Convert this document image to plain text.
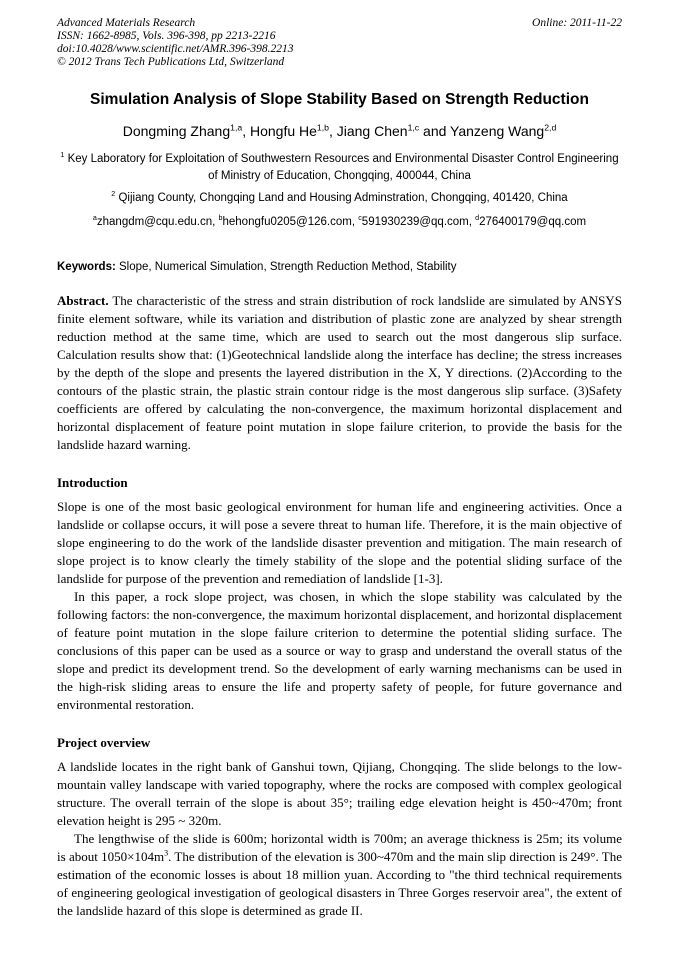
Advanced Materials Research
ISSN: 1662-8985, Vols. 396-398, pp 2213-2216
doi:10.4028/www.scientific.net/AMR.396-398.2213
© 2012 Trans Tech Publications Ltd, Switzerland
Online: 2011-11-22
Simulation Analysis of Slope Stability Based on Strength Reduction
Dongming Zhang$^{1,a}$, Hongfu He$^{1,b}$, Jiang Chen$^{1,c}$ and Yanzeng Wang$^{2,d}$
$^1$ Key Laboratory for Exploitation of Southwestern Resources and Environmental Disaster Control Engineering of Ministry of Education, Chongqing, 400044, China
$^2$ Qijiang County, Chongqing Land and Housing Adminstration, Chongqing, 401420, China
$^a$zhangdm@cqu.edu.cn, $^b$hehongfu0205@126.com, $^c$591930239@qq.com, $^d$276400179@qq.com
Keywords: Slope, Numerical Simulation, Strength Reduction Method, Stability
Abstract. The characteristic of the stress and strain distribution of rock landslide are simulated by ANSYS finite element software, while its variation and distribution of plastic zone are analyzed by shear strength reduction method at the same time, which are used to search out the most dangerous slip surface. Calculation results show that: (1)Geotechnical landslide along the interface has decline; the stress increases by the depth of the slope and presents the layered distribution in the X, Y directions. (2)According to the contours of the plastic strain, the plastic strain contour ridge is the most dangerous slip surface. (3)Safety coefficients are offered by calculating the non-convergence, the maximum horizontal displacement and horizontal displacement of feature point mutation in slope failure criterion, to provide the basis for the landslide hazard warning.
Introduction
Slope is one of the most basic geological environment for human life and engineering activities. Once a landslide or collapse occurs, it will pose a severe threat to human life. Therefore, it is the main objective of slope engineering to do the work of the landslide disaster prevention and mitigation. The main research of slope project is to know clearly the timely stability of the slope and the potential sliding surface of the landslide for purpose of the prevention and remediation of landslide [1-3].
In this paper, a rock slope project, was chosen, in which the slope stability was calculated by the following factors: the non-convergence, the maximum horizontal displacement, and horizontal displacement of feature point mutation in the slope failure criterion to determine the potential sliding surface. The conclusions of this paper can be used as a source or way to grasp and understand the overall status of the slope and predict its development trend. So the development of early warning mechanisms can be used in the high-risk sliding areas to ensure the life and property safety of people, for future governance and environmental restoration.
Project overview
A landslide locates in the right bank of Ganshui town, Qijiang, Chongqing. The slide belongs to the low-mountain valley landscape with varied topography, where the rocks are composed with complex geological structure. The overall terrain of the slope is about 35°; trailing edge elevation height is 450~470m; front elevation height is 295 ~ 320m.
The lengthwise of the slide is 600m; horizontal width is 700m; an average thickness is 25m; its volume is about $1050\times 104m^3$. The distribution of the elevation is 300~470m and the main slip direction is 249°. The estimation of the economic losses is about 18 million yuan. According to "the third technical requirements of engineering geological investigation of geological disasters in Three Gorges reservoir area", the extent of the landslide hazard of this slope is determined as grade II.
